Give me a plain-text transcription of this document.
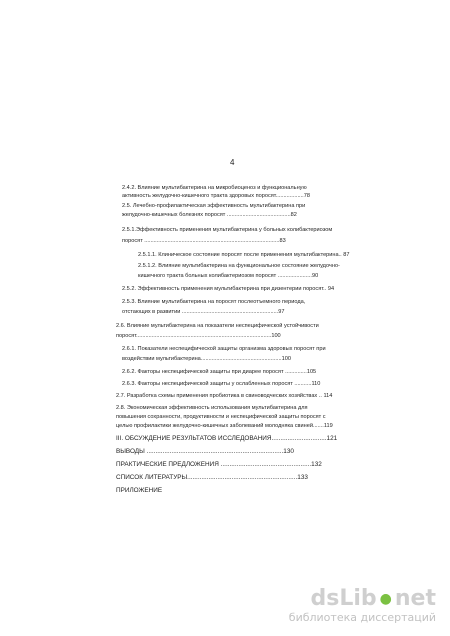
4
2.4.2. Влияние мультибактерина на микробиоценоз и функциональную
активность желудочно-кишечного тракта здоровых поросят..................78
2.5. Лечебно-профилактическая эффективность мультибактерина при
желудочно-кишечных болезнях поросят .........................................82
2.5.1.Эффективность применения мультибактерина у больных колибактериозом
поросят .......................................................................................83
2.5.1.1. Клиническое состояние поросят после применения мультибактерина.. 87
2.5.1.2. Влияние мультибактерина на функциональное состояние желудочно-
кишечного тракта больных колибактериозом поросят ......................90
2.5.2. Эффективность применения мультибактерина при дизентерии поросят.. 94
2.5.3. Влияние мультибактерина на поросят послеотъемного периода,
отстающих в развитии ..............................................................97
2.6. Влияние мультибактерина на показатели неспецифической устойчивости
поросят.......................................................................................100
2.6.1. Показатели неспецифической защиты организма здоровых поросят при
воздействии мультибактерина....................................................100
2.6.2. Факторы неспецифической защиты при диарее поросят ..............105
2.6.3. Факторы неспецифической защиты у ослабленных поросят ...........110
2.7. Разработка схемы применения пробиотика в свиноводческих хозяйствах .. 114
2.8. Экономическая эффективность использования мультибактерина для
повышения сохранности, продуктивности и неспецифической защиты поросят с
целью профилактики желудочно-кишечных заболеваний молодняка свиней.......119
III. ОБСУЖДЕНИЕ РЕЗУЛЬТАТОВ ИССЛЕДОВАНИЯ...............................121
ВЫВОДЫ .............................................................................130
ПРАКТИЧЕСКИЕ ПРЕДЛОЖЕНИЯ ...................................................132
СПИСОК ЛИТЕРАТУРЫ..............................................................133
ПРИЛОЖЕНИЕ
dsLib ● net
библиотека диссертаций
